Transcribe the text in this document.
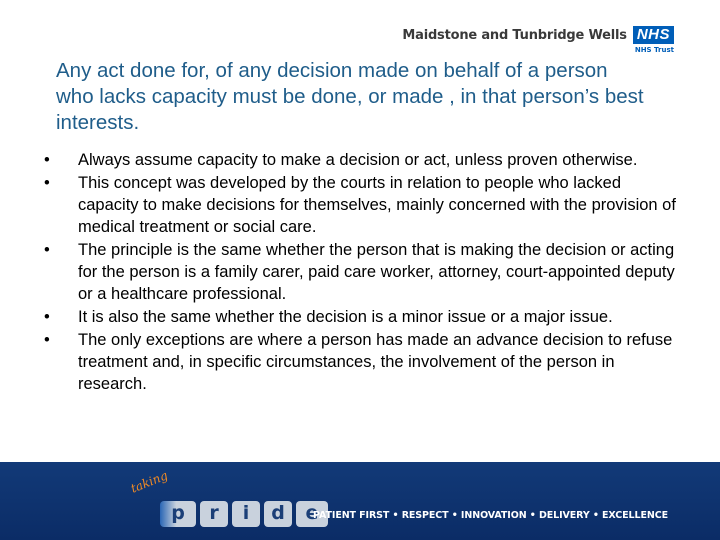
Maidstone and Tunbridge Wells NHS
NHS Trust
Any act done for, of any decision made on behalf of a person who lacks capacity must be done, or made , in that person’s best interests.
• Always assume capacity to make a decision or act, unless proven otherwise.
• This concept was developed by the courts in relation to people who lacked capacity to make decisions for themselves, mainly concerned with the provision of medical treatment or social care.
• The principle is the same whether the person that is making the decision or acting for the person is a family carer, paid care worker, attorney, court-appointed deputy or a healthcare professional.
• It is also the same whether the decision is a minor issue or a major issue.
• The only exceptions are where a person has made an advance decision to refuse treatment and, in specific circumstances, the involvement of the person in research.
taking
p	r	i	d	e
PATIENT FIRST • RESPECT • INNOVATION • DELIVERY • EXCELLENCE
